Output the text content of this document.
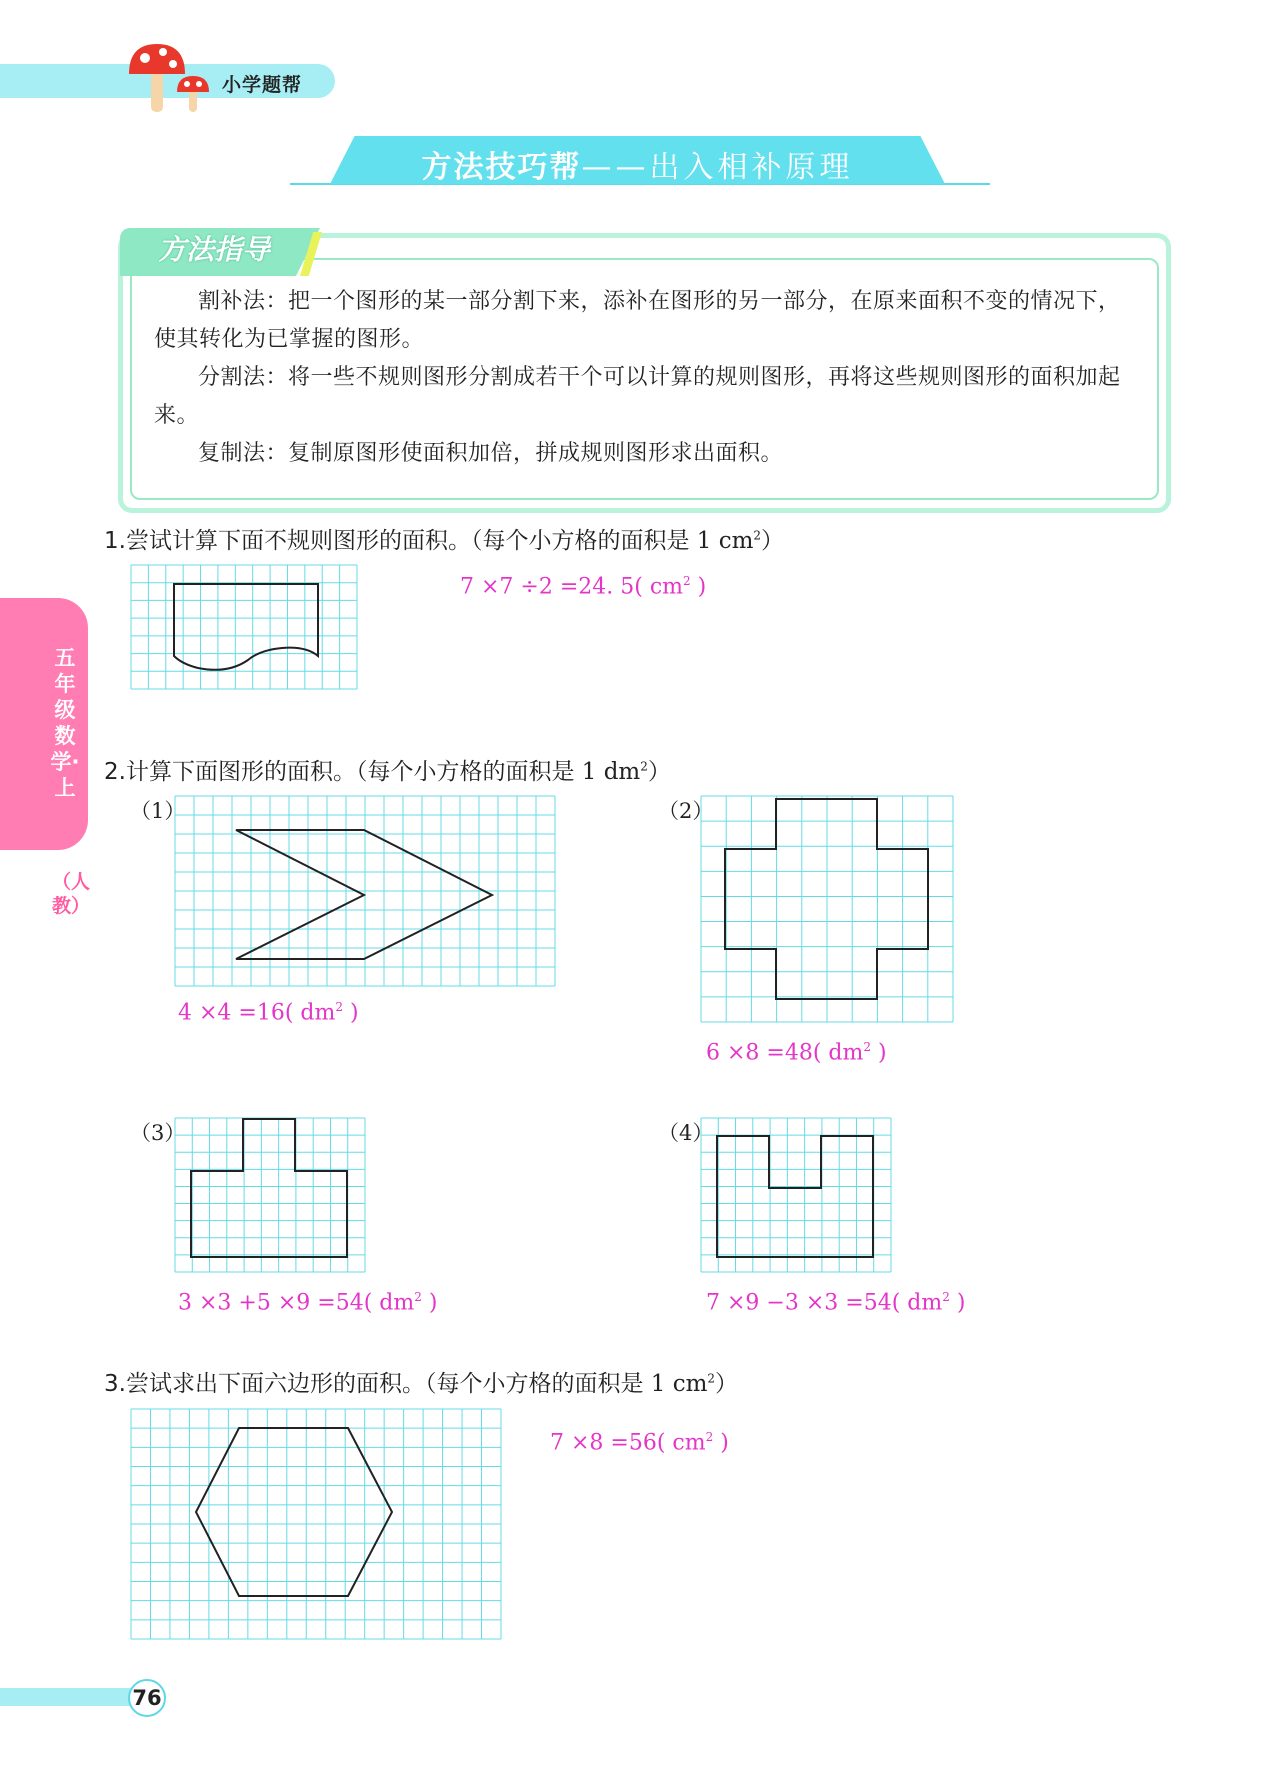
小学题帮
方法技巧帮——出入相补原理
方法指导
割补法：把一个图形的某一部分割下来，添补在图形的另一部分，在原来面积不变的情况下，使其转化为已掌握的图形。
分割法：将一些不规则图形分割成若干个可以计算的规则图形，再将这些规则图形的面积加起来。
复制法：复制原图形使面积加倍，拼成规则图形求出面积。
五年级数学·上
（人教）
1.尝试计算下面不规则图形的面积。（每个小方格的面积是 1 $cm^2$）
7 ×7 ÷2 =24. 5( $cm^2$ )
2.计算下面图形的面积。（每个小方格的面积是 1 $dm^2$）
（1）
4 ×4 =16( $dm^2$ )
（2）
6 ×8 =48( $dm^2$ )
（3）
3 ×3 +5 ×9 =54( $dm^2$ )
（4）
7 ×9 −3 ×3 =54( $dm^2$ )
3.尝试求出下面六边形的面积。（每个小方格的面积是 1 $cm^2$）
7 ×8 =56( $cm^2$ )
76
